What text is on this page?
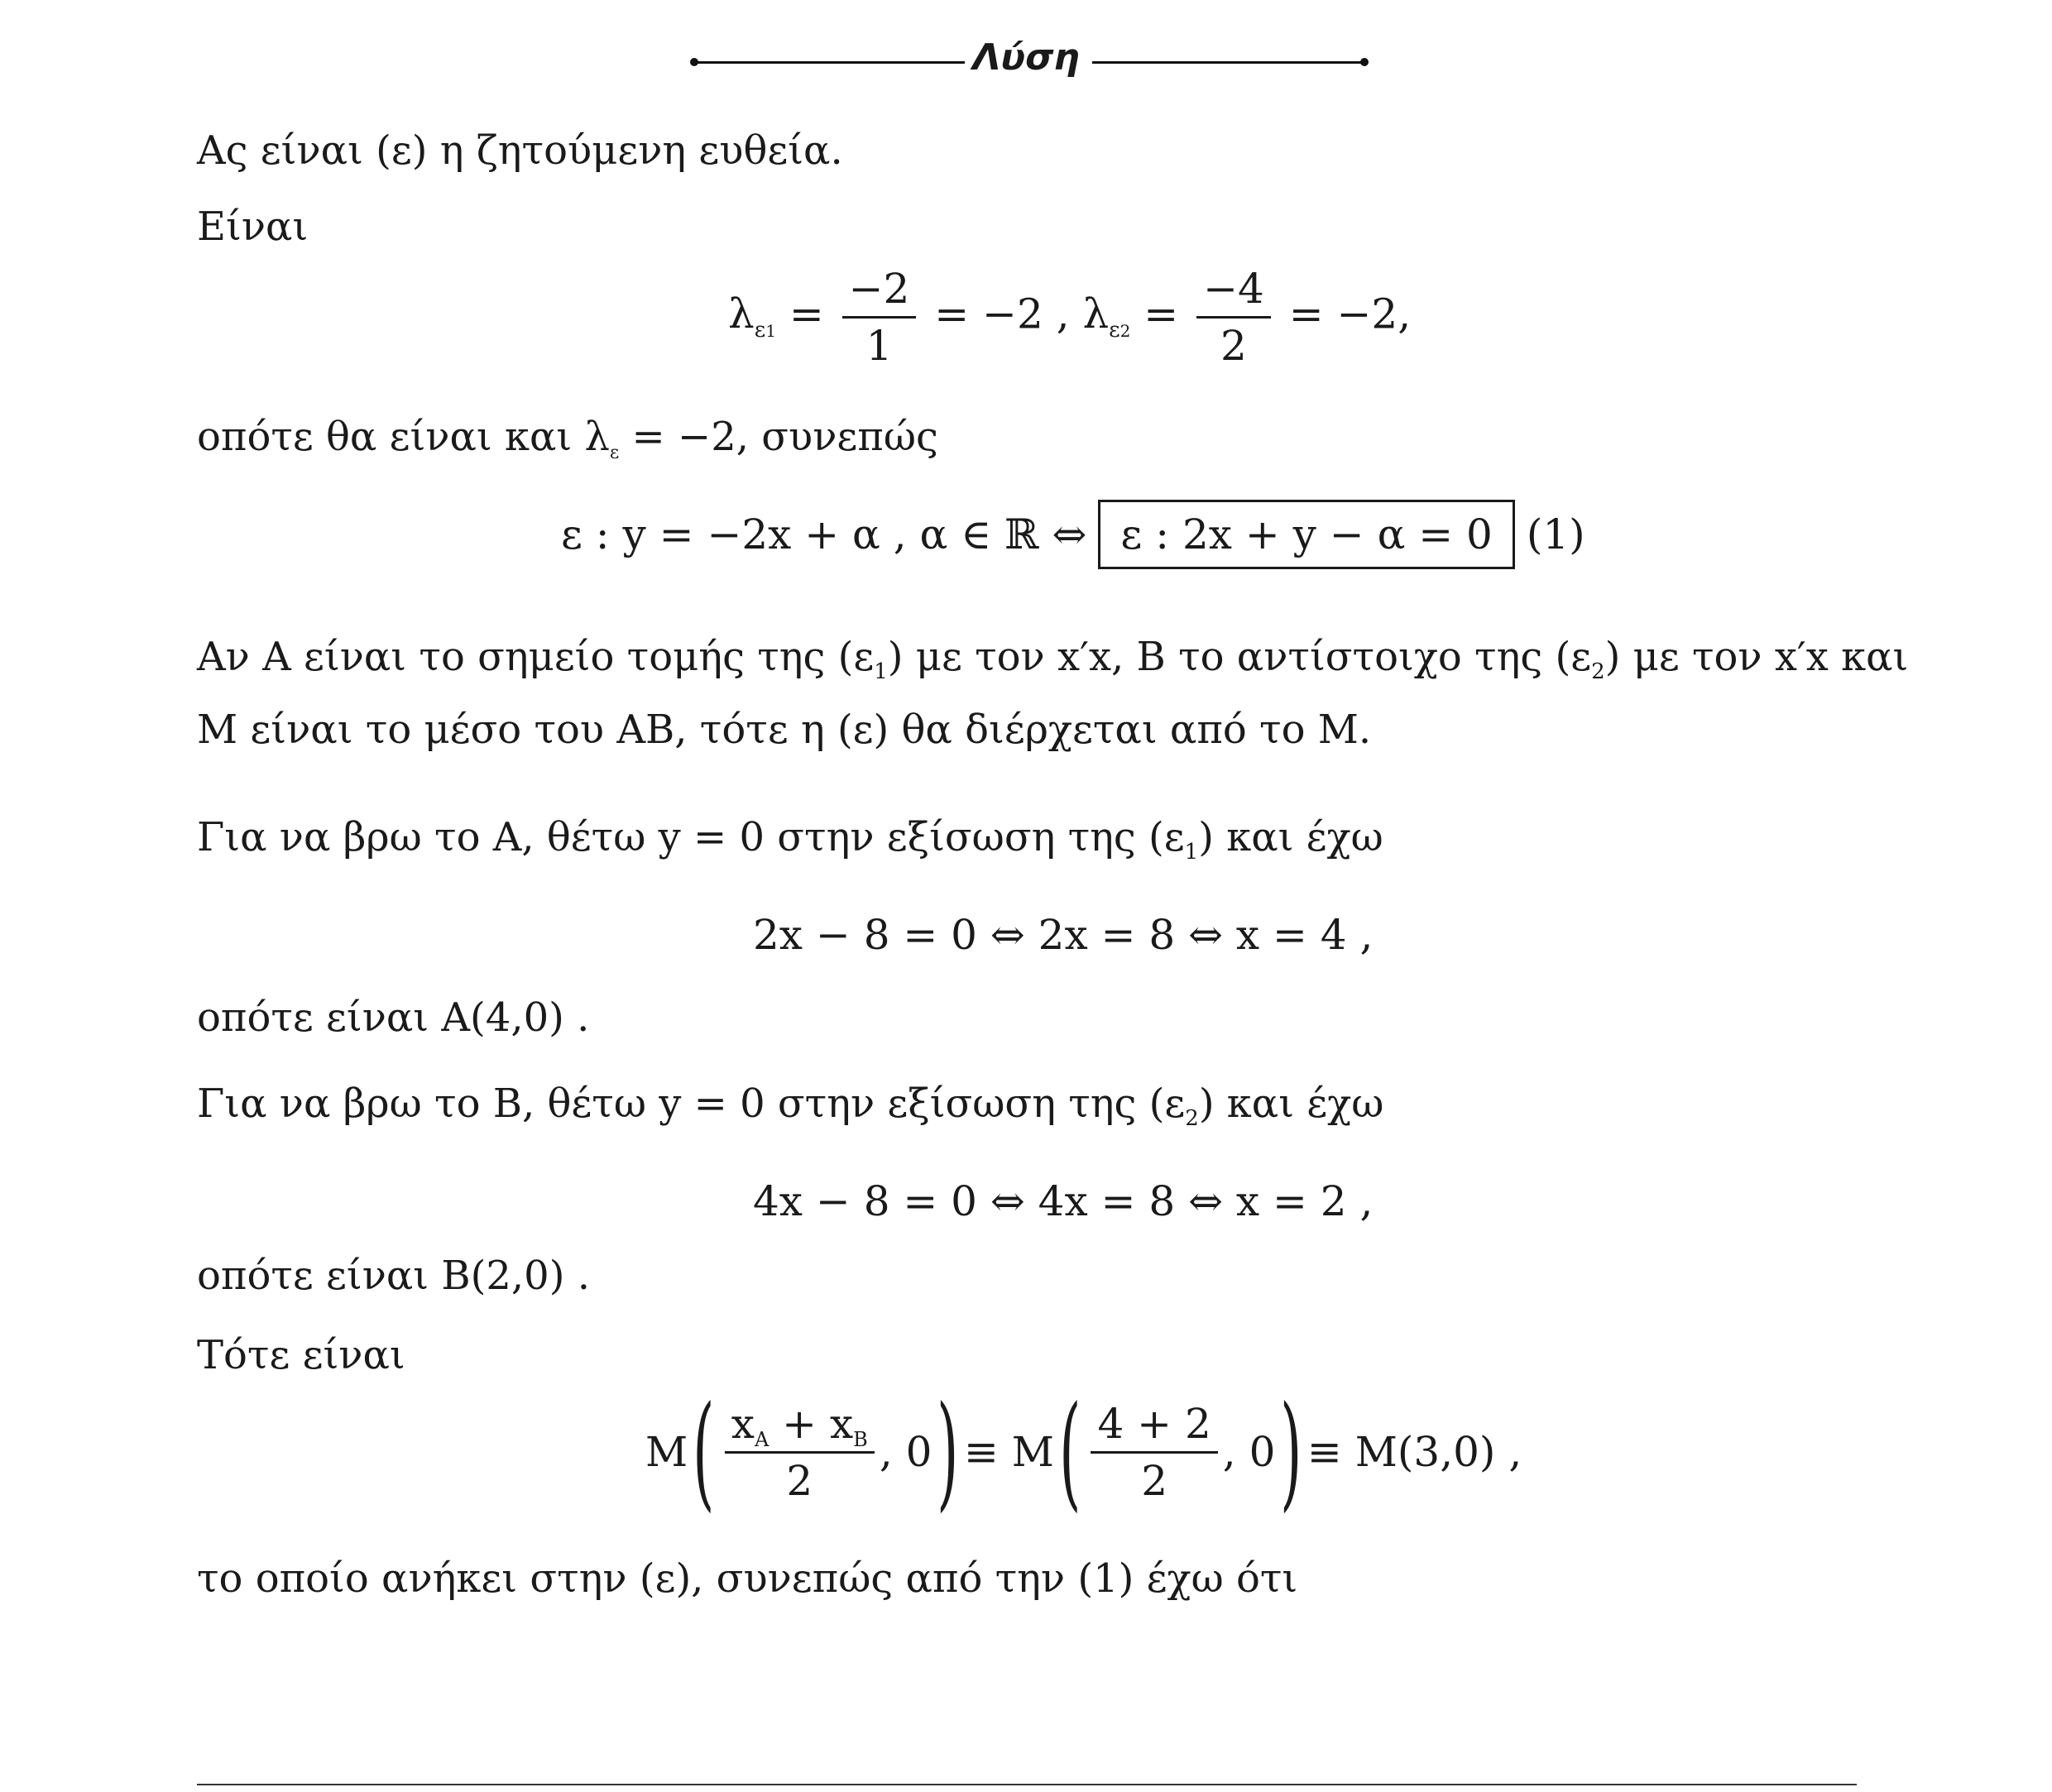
Λύση
Ας είναι (ε) η ζητούμενη ευθεία.
Είναι
$\lambda_{\varepsilon 1} = \frac{-2}{1} = -2$ , $\lambda_{\varepsilon 2} = \frac{-4}{2} = -2$,
οπότε θα είναι και $\lambda_\varepsilon = -2$, συνεπώς
ε : y = −2x + α , α ∈ ℝ ⇔ ε : 2x + y − α = 0 (1)
Αν Α είναι το σημείο τομής της $(\varepsilon_1)$ με τον x′x, Β το αντίστοιχο της $(\varepsilon_2)$ με τον x′x και
Μ είναι το μέσο του ΑΒ, τότε η (ε) θα διέρχεται από το Μ.
Για να βρω το Α, θέτω y = 0 στην εξίσωση της $(\varepsilon_1)$ και έχω
2x − 8 = 0 ⇔ 2x = 8 ⇔ x = 4 ,
οπότε είναι Α(4,0) .
Για να βρω το Β, θέτω y = 0 στην εξίσωση της $(\varepsilon_2)$ και έχω
4x − 8 = 0 ⇔ 4x = 8 ⇔ x = 2 ,
οπότε είναι Β(2,0) .
Τότε είναι
M ( $\frac{x_A + x_B}{2}$ , 0 ) ≡ M ( $\frac{4 + 2}{2}$ , 0 ) ≡ M(3,0) ,
το οποίο ανήκει στην (ε), συνεπώς από την (1) έχω ότι
